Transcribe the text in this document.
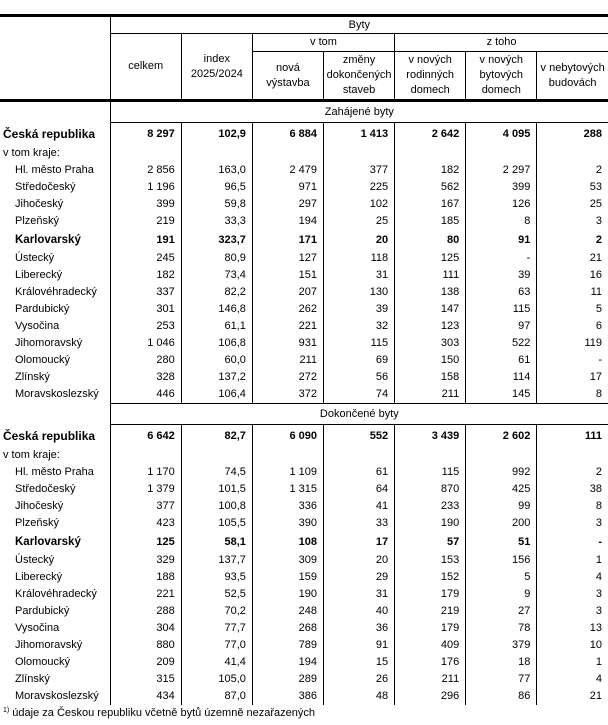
	Byty						
	celkem	index 2025/2024	v tom		z toho		
			nová výstavba	změny dokončených staveb	v nových rodinných domech	v nových bytových domech	v nebytových budovách
	Zahájené byty						
Česká republika	8 297	102,9	6 884	1 413	2 642	4 095	288
v tom kraje:							
Hl. město Praha	2 856	163,0	2 479	377	182	2 297	2
Středočeský	1 196	96,5	971	225	562	399	53
Jihočeský	399	59,8	297	102	167	126	25
Plzeňský	219	33,3	194	25	185	8	3
Karlovarský	191	323,7	171	20	80	91	2
Ústecký	245	80,9	127	118	125	-	21
Liberecký	182	73,4	151	31	111	39	16
Královéhradecký	337	82,2	207	130	138	63	11
Pardubický	301	146,8	262	39	147	115	5
Vysočina	253	61,1	221	32	123	97	6
Jihomoravský	1 046	106,8	931	115	303	522	119
Olomoucký	280	60,0	211	69	150	61	-
Zlínský	328	137,2	272	56	158	114	17
Moravskoslezský	446	106,4	372	74	211	145	8
	Dokončené byty						
Česká republika	6 642	82,7	6 090	552	3 439	2 602	111
v tom kraje:							
Hl. město Praha	1 170	74,5	1 109	61	115	992	2
Středočeský	1 379	101,5	1 315	64	870	425	38
Jihočeský	377	100,8	336	41	233	99	8
Plzeňský	423	105,5	390	33	190	200	3
Karlovarský	125	58,1	108	17	57	51	-
Ústecký	329	137,7	309	20	153	156	1
Liberecký	188	93,5	159	29	152	5	4
Královéhradecký	221	52,5	190	31	179	9	3
Pardubický	288	70,2	248	40	219	27	3
Vysočina	304	77,7	268	36	179	78	13
Jihomoravský	880	77,0	789	91	409	379	10
Olomoucký	209	41,4	194	15	176	18	1
Zlínský	315	105,0	289	26	211	77	4
Moravskoslezský	434	87,0	386	48	296	86	21
$^{1)}$ údaje za Českou republiku včetně bytů územně nezařazených
